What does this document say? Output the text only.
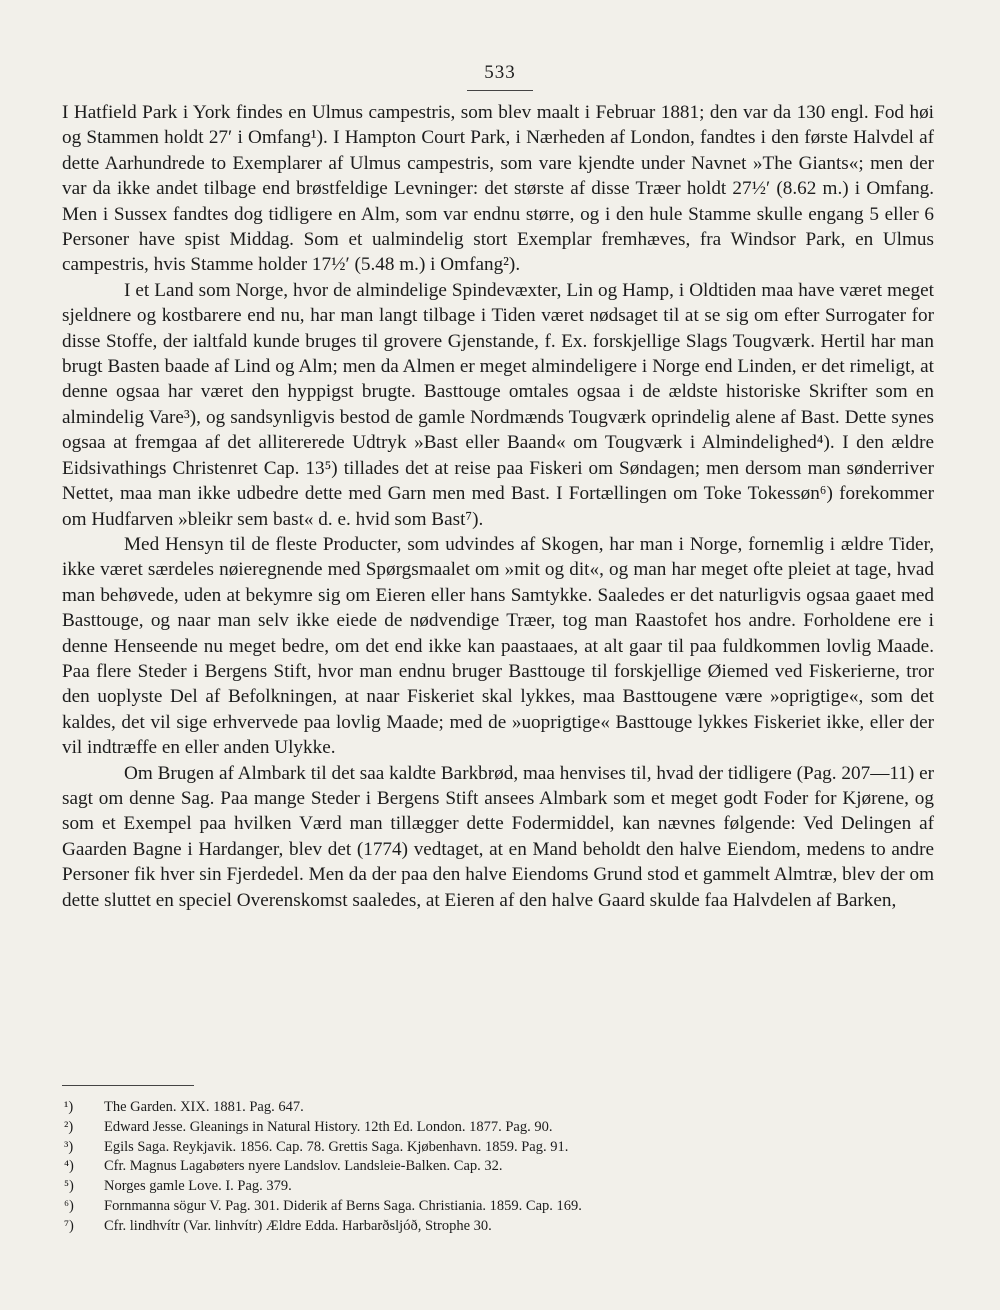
533

I Hatfield Park i York findes en Ulmus campestris, som blev maalt i Februar 1881; den var da 130 engl. Fod høi og Stammen holdt 27′ i Omfang¹). I Hampton Court Park, i Nærheden af London, fandtes i den første Halvdel af dette Aarhundrede to Exemplarer af Ulmus campestris, som vare kjendte under Navnet »The Giants«; men der var da ikke andet tilbage end brøstfeldige Levninger: det største af disse Træer holdt 27½′ (8.62 m.) i Omfang. Men i Sussex fandtes dog tidligere en Alm, som var endnu større, og i den hule Stamme skulle engang 5 eller 6 Personer have spist Middag. Som et ualmindelig stort Exemplar fremhæves, fra Windsor Park, en Ulmus campestris, hvis Stamme holder 17½′ (5.48 m.) i Omfang²).

I et Land som Norge, hvor de almindelige Spindevæxter, Lin og Hamp, i Oldtiden maa have været meget sjeldnere og kostbarere end nu, har man langt tilbage i Tiden været nødsaget til at se sig om efter Surrogater for disse Stoffe, der ialtfald kunde bruges til grovere Gjenstande, f. Ex. forskjellige Slags Tougværk. Hertil har man brugt Basten baade af Lind og Alm; men da Almen er meget almindeligere i Norge end Linden, er det rimeligt, at denne ogsaa har været den hyppigst brugte. Basttouge omtales ogsaa i de ældste historiske Skrifter som en almindelig Vare³), og sandsynligvis bestod de gamle Nordmænds Tougværk oprindelig alene af Bast. Dette synes ogsaa at fremgaa af det allitererede Udtryk »Bast eller Baand« om Tougværk i Almindelighed⁴). I den ældre Eidsivathings Christenret Cap. 13⁵) tillades det at reise paa Fiskeri om Søndagen; men dersom man sønderriver Nettet, maa man ikke udbedre dette med Garn men med Bast. I Fortællingen om Toke Tokessøn⁶) forekommer om Hudfarven »bleikr sem bast« d. e. hvid som Bast⁷).

Med Hensyn til de fleste Producter, som udvindes af Skogen, har man i Norge, fornemlig i ældre Tider, ikke været særdeles nøieregnende med Spørgsmaalet om »mit og dit«, og man har meget ofte pleiet at tage, hvad man behøvede, uden at bekymre sig om Eieren eller hans Samtykke. Saaledes er det naturligvis ogsaa gaaet med Basttouge, og naar man selv ikke eiede de nødvendige Træer, tog man Raastofet hos andre. Forholdene ere i denne Henseende nu meget bedre, om det end ikke kan paastaaes, at alt gaar til paa fuldkommen lovlig Maade. Paa flere Steder i Bergens Stift, hvor man endnu bruger Basttouge til forskjellige Øiemed ved Fiskerierne, tror den uoplyste Del af Befolkningen, at naar Fiskeriet skal lykkes, maa Basttougene være »oprigtige«, som det kaldes, det vil sige erhvervede paa lovlig Maade; med de »uoprigtige« Basttouge lykkes Fiskeriet ikke, eller der vil indtræffe en eller anden Ulykke.

Om Brugen af Almbark til det saa kaldte Barkbrød, maa henvises til, hvad der tidligere (Pag. 207—11) er sagt om denne Sag. Paa mange Steder i Bergens Stift ansees Almbark som et meget godt Foder for Kjørene, og som et Exempel paa hvilken Værd man tillægger dette Fodermiddel, kan nævnes følgende: Ved Delingen af Gaarden Bagne i Hardanger, blev det (1774) vedtaget, at en Mand beholdt den halve Eiendom, medens to andre Personer fik hver sin Fjerdedel. Men da der paa den halve Eiendoms Grund stod et gammelt Almtræ, blev der om dette sluttet en speciel Overenskomst saaledes, at Eieren af den halve Gaard skulde faa Halvdelen af Barken,

¹)	The Garden. XIX. 1881. Pag. 647.
²)	Edward Jesse. Gleanings in Natural History. 12th Ed. London. 1877. Pag. 90.
³)	Egils Saga. Reykjavik. 1856. Cap. 78. Grettis Saga. Kjøbenhavn. 1859. Pag. 91.
⁴)	Cfr. Magnus Lagabøters nyere Landslov. Landsleie-Balken. Cap. 32.
⁵)	Norges gamle Love. I. Pag. 379.
⁶)	Fornmanna sögur V. Pag. 301. Diderik af Berns Saga. Christiania. 1859. Cap. 169.
⁷)	Cfr. lindhvítr (Var. linhvítr) Ældre Edda. Harbarðsljóð, Strophe 30.
